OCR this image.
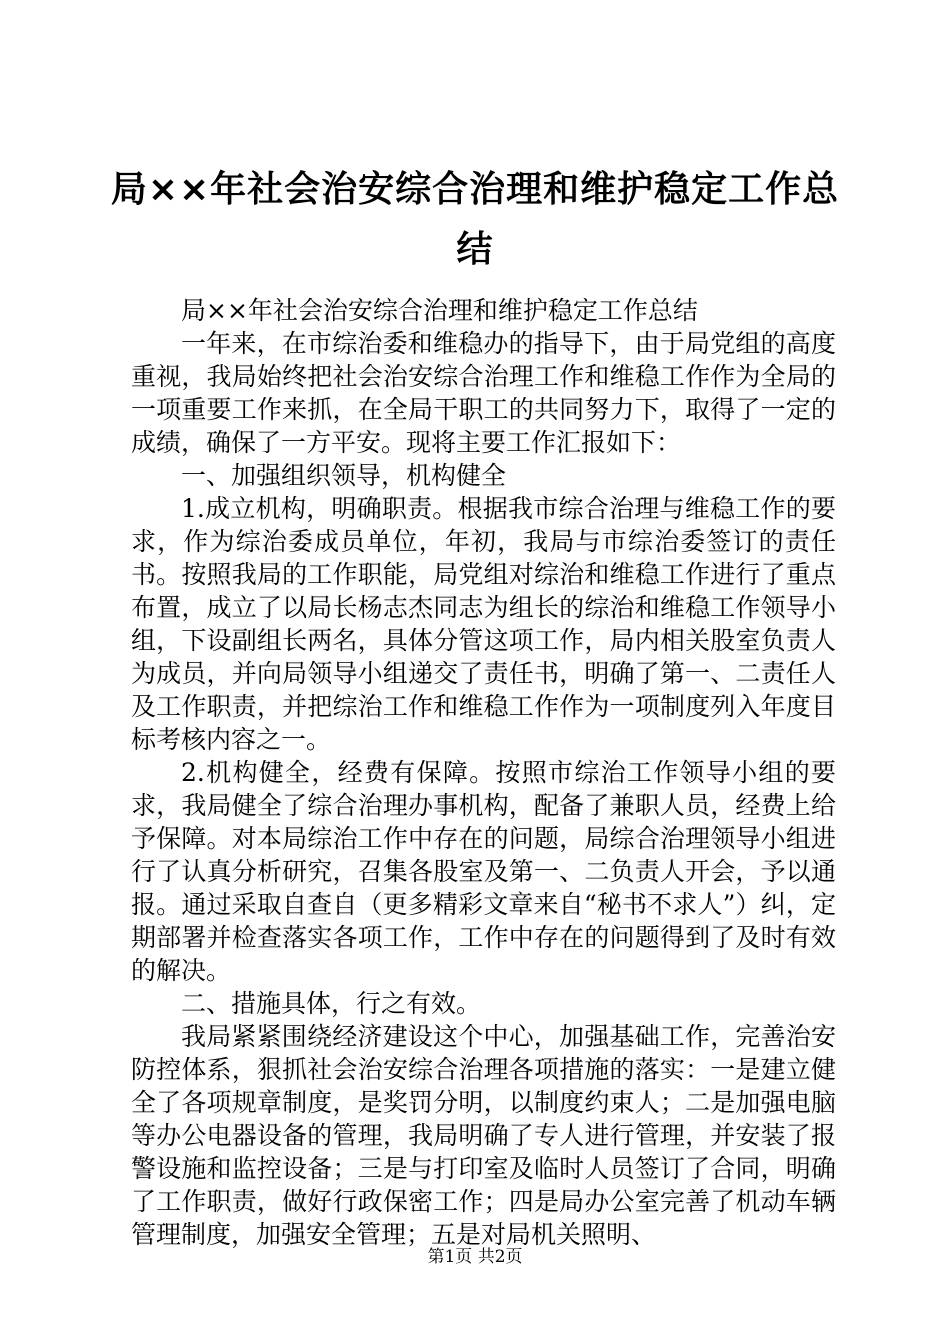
局××年社会治安综合治理和维护稳定工作总结

局××年社会治安综合治理和维护稳定工作总结

一年来，在市综治委和维稳办的指导下，由于局党组的高度重视，我局始终把社会治安综合治理工作和维稳工作作为全局的一项重要工作来抓，在全局干职工的共同努力下，取得了一定的成绩，确保了一方平安。现将主要工作汇报如下：

一、加强组织领导，机构健全

1.成立机构，明确职责。根据我市综合治理与维稳工作的要求，作为综治委成员单位，年初，我局与市综治委签订的责任书。按照我局的工作职能，局党组对综治和维稳工作进行了重点布置，成立了以局长杨志杰同志为组长的综治和维稳工作领导小组，下设副组长两名，具体分管这项工作，局内相关股室负责人为成员，并向局领导小组递交了责任书，明确了第一、二责任人及工作职责，并把综治工作和维稳工作作为一项制度列入年度目标考核内容之一。

2.机构健全，经费有保障。按照市综治工作领导小组的要求，我局健全了综合治理办事机构，配备了兼职人员，经费上给予保障。对本局综治工作中存在的问题，局综合治理领导小组进行了认真分析研究，召集各股室及第一、二负责人开会，予以通报。通过采取自查自（更多精彩文章来自“秘书不求人”）纠，定期部署并检查落实各项工作，工作中存在的问题得到了及时有效的解决。

二、措施具体，行之有效。

我局紧紧围绕经济建设这个中心，加强基础工作，完善治安防控体系，狠抓社会治安综合治理各项措施的落实：一是建立健全了各项规章制度，是奖罚分明，以制度约束人；二是加强电脑等办公电器设备的管理，我局明确了专人进行管理，并安装了报警设施和监控设备；三是与打印室及临时人员签订了合同，明确了工作职责，做好行政保密工作；四是局办公室完善了机动车辆管理制度，加强安全管理；五是对局机关照明、

第1页 共2页
